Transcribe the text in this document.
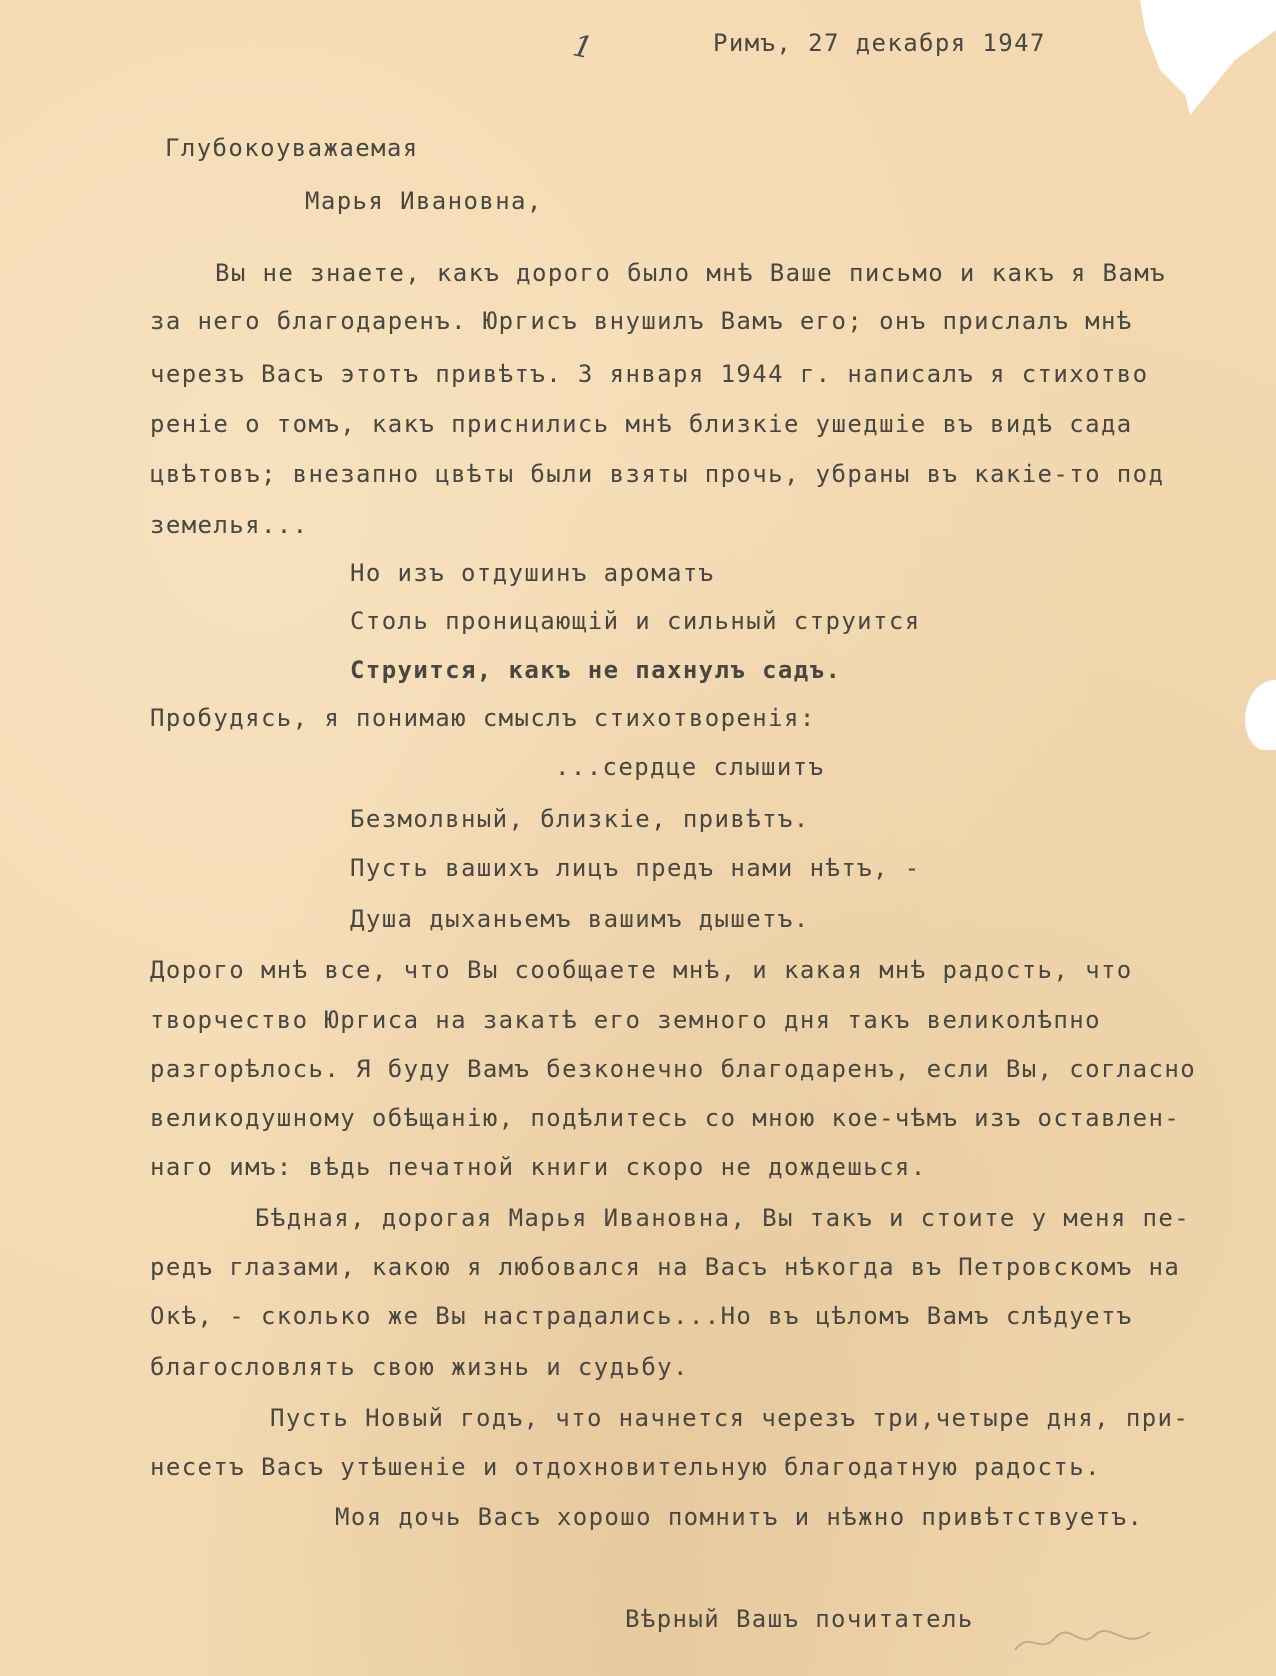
1	Римъ, 27 декабря 1947
Глубокоуважаемая
Марья Ивановна,
Вы не знаете, какъ дорого было мнѣ Ваше письмо и какъ я Вамъ
за него благодаренъ. Юргисъ внушилъ Вамъ его; онъ прислалъ мнѣ
черезъ Васъ этотъ привѣтъ. 3 января 1944 г. написалъ я стихотво
реніе о томъ, какъ приснились мнѣ близкіе ушедшіе въ видѣ сада
цвѣтовъ; внезапно цвѣты были взяты прочь, убраны въ какіе-то под
земелья...
Но изъ отдушинъ ароматъ
Столь проницающій и сильный струится
Струится, какъ не пахнулъ садъ.
Пробудясь, я понимаю смыслъ стихотворенія:
...сердце слышитъ
Безмолвный, близкіе, привѣтъ.
Пусть вашихъ лицъ предъ нами нѣтъ, -
Душа дыханьемъ вашимъ дышетъ.
Дорого мнѣ все, что Вы сообщаете мнѣ, и какая мнѣ радость, что
творчество Юргиса на закатѣ его земного дня такъ великолѣпно
разгорѣлось. Я буду Вамъ безконечно благодаренъ, если Вы, согласно
великодушному обѣщанію, подѣлитесь со мною кое-чѣмъ изъ оставлен-
наго имъ: вѣдь печатной книги скоро не дождешься.
Бѣдная, дорогая Марья Ивановна, Вы такъ и стоите у меня пе-
редъ глазами, какою я любовался на Васъ нѣкогда въ Петровскомъ на
Окѣ, - сколько же Вы настрадались...Но въ цѣломъ Вамъ слѣдуетъ
благословлять свою жизнь и судьбу.
Пусть Новый годъ, что начнется черезъ три,четыре дня, при-
несетъ Васъ утѣшеніе и отдохновительную благодатную радость.
Моя дочь Васъ хорошо помнитъ и нѣжно привѣтствуетъ.
Вѣрный Вашъ почитатель
